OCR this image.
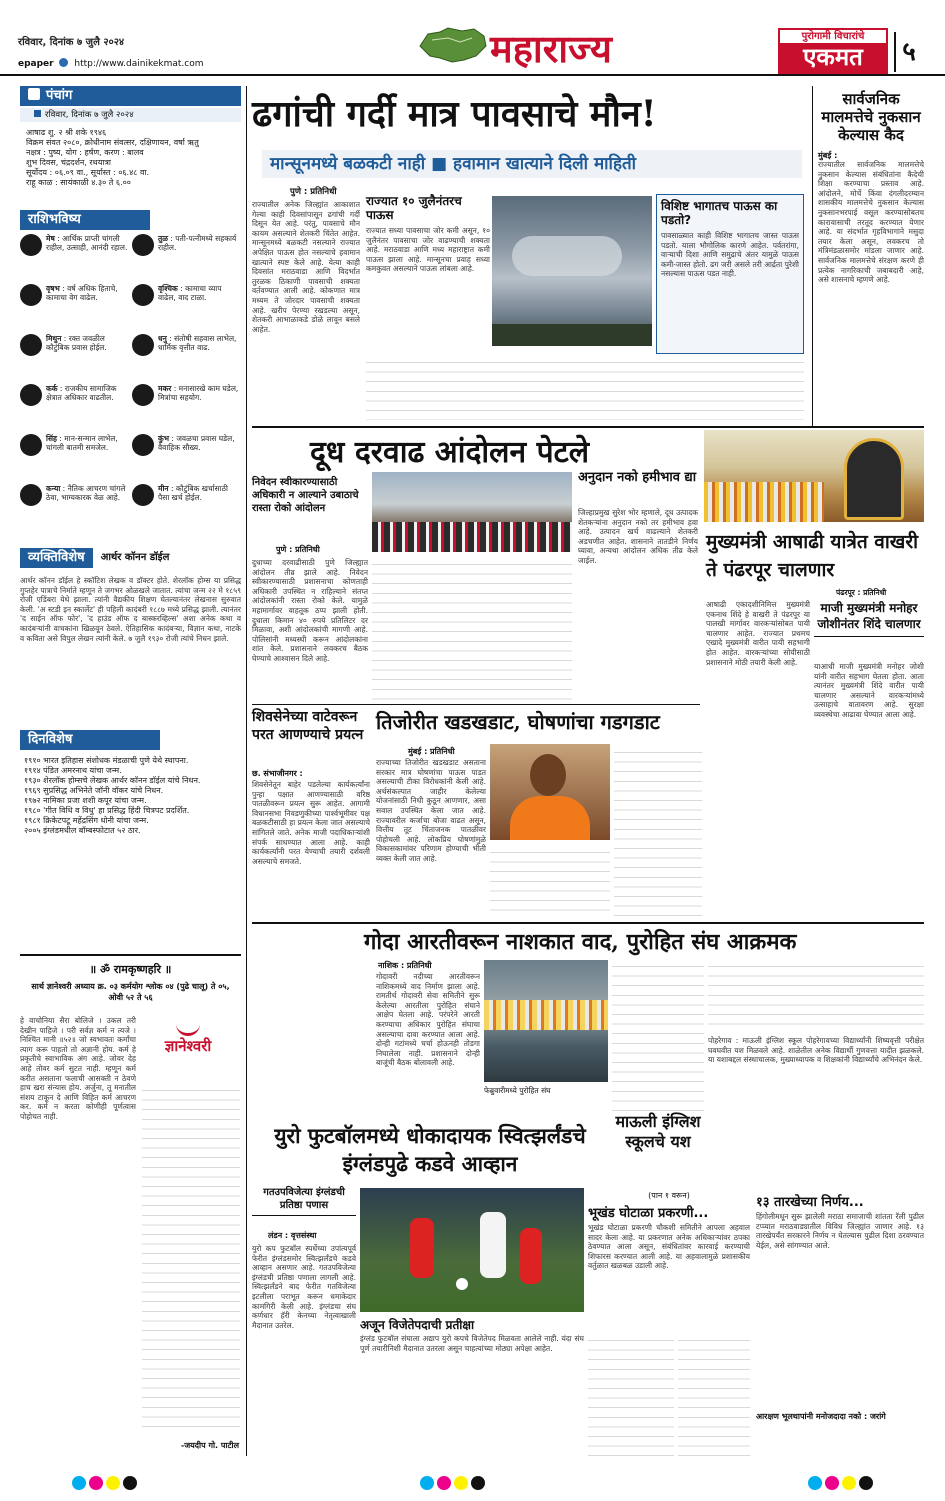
रविवार, दिनांक ७ जुलै २०२४
epaper http://www.dainikekmat.com	महाराज्य	पुरोगामी विचारांचे
एकमत	५
पंचांग
रविवार, दिनांक ७ जुलै २०२४
आषाढ शु. २ श्री शके १९४६
विक्रम संवत २०८०, क्रोधीनाम संवत्सर, दक्षिणायन, वर्षा ऋतु
नक्षत्र : पुष्य, योग : हर्षण, करण : बालव
शुभ दिवस, चंद्रदर्शन, रथयात्रा
सूर्योदय : ०६.०९ वा., सूर्यास्त : ०६.४८ वा.
राहू काळ : सायंकाळी ४.३० ते ६.००
राशिभविष्य
मेष : आर्थिक प्राप्ती चांगली राहील, उत्साही, आनंदी रहाल.
वृषभ : वर्ष अधिक हिताचे, कामाचा वेग वाढेल.
मिथुन : रक्त जवळील कौटुंबिक प्रवास होईल.
कर्क : राजकीय सामाजिक क्षेत्रात अधिकार वाढतील.
सिंह : मान-सन्मान लाभेल, चांगली बातमी समजेल.
कन्या : नैतिक आचरण चांगले ठेवा, भाग्यकारक वेळ आहे.
तुळ : पती-पत्नीमध्ये सहकार्य राहील.
वृश्चिक : कामाचा व्याप वाढेल, वाद टाळा.
धनु : संतोषी सहवास लाभेल, धार्मिक वृत्तीत वाढ.
मकर : मनासारखे काम घडेल, मित्रांचा सहयोग.
कुंभ : जवळचा प्रवास घडेल, वैवाहिक सौख्य.
मीन : कौटुंबिक खर्चासाठी पैसा खर्च होईल.
व्यक्तिविशेष	आर्थर कॉनन डॉईल
आर्थर कॉनन डॉईल हे स्कॉटिश लेखक व डॉक्टर होते. शेरलॉक होम्स या प्रसिद्ध गुप्तहेर पात्राचे निर्माते म्हणून ते जगभर ओळखले जातात. त्यांचा जन्म २२ मे १८५९ रोजी एडिंबरा येथे झाला. त्यांनी वैद्यकीय शिक्षण घेतल्यानंतर लेखनास सुरुवात केली. 'अ स्टडी इन स्कार्लेट' ही पहिली कादंबरी १८८७ मध्ये प्रसिद्ध झाली. त्यानंतर 'द साईन ऑफ फोर', 'द हाउंड ऑफ द बास्करव्हिल्स' अशा अनेक कथा व कादंबऱ्यांनी वाचकांना खिळवून ठेवले. ऐतिहासिक कादंबऱ्या, विज्ञान कथा, नाटके व कविता असे विपुल लेखन त्यांनी केले. ७ जुलै १९३० रोजी त्यांचे निधन झाले.
दिनविशेष
१९१० भारत इतिहास संशोधक मंडळाची पुणे येथे स्थापना.
१९१४ पंडित अमरनाथ यांचा जन्म.
१९३० शेरलॉक होम्सचे लेखक आर्थर कॉनन डॉईल यांचे निधन.
१९६९ सुप्रसिद्ध अभिनेते जॉनी वॉकर यांचे निधन.
१९७२ नामिका प्रजा शशी कपूर यांचा जन्म.
१९८० 'गीत विधि व विधु' हा प्रसिद्ध हिंदी चित्रपट प्रदर्शित.
१९८१ क्रिकेटपटू महेंद्रसिंग धोनी यांचा जन्म.
२००५ इंग्लंडमधील बॉम्बस्फोटात ५२ ठार.
॥ ॐ रामकृष्णहरि ॥
सार्थ ज्ञानेश्वरी अध्याय क्र. ०३ कर्मयोग श्लोक ०४ (पुढे चालू) ते ०५, ओवी ५२ ते ५६
ज्ञानेश्वरी
हे वाचोनिया सैरा बोलिजे । उकल तरी देखीन पाहिजे । परी सर्वज्ञ कर्म न त्यजे । निश्चित मानी ॥५२॥ जो स्वभावतः कर्मांचा त्याग करू पाहतो तो अज्ञानी होय. कर्म हे प्रकृतीचे स्वाभाविक अंग आहे. जोवर देह आहे तोवर कर्म सुटत नाही. म्हणून कर्म करीत असताना फलाची आसक्ती न ठेवणे हाच खरा संन्यास होय. अर्जुना, तू मनातील संशय टाकून दे आणि विहित कर्म आचरण कर. कर्म न करता कोणीही पूर्णत्वास पोहोचत नाही.
-जयदीप गो. पाटील
ढगांची गर्दी मात्र पावसाचे मौन!
मान्सूनमध्ये बळकटी नाही ■ हवामान खात्याने दिली माहिती
पुणे : प्रतिनिधी
राज्यातील अनेक जिल्ह्यांत आकाशात गेल्या काही दिवसांपासून ढगांची गर्दी दिसून येत आहे. परंतु, पावसाचे मौन कायम असल्याने शेतकरी चिंतेत आहेत. मान्सूनमध्ये बळकटी नसल्याने राज्यात अपेक्षित पाऊस होत नसल्याचे हवामान खात्याने स्पष्ट केले आहे. येत्या काही दिवसांत मराठवाडा आणि विदर्भात तुरळक ठिकाणी पावसाची शक्यता वर्तवण्यात आली आहे. कोकणात मात्र मध्यम ते जोरदार पावसाची शक्यता आहे. खरीप पेरण्या रखडल्या असून, शेतकरी आभाळाकडे डोळे लावून बसले आहेत.
राज्यात १० जुलैनंतरच पाऊस
राज्यात सध्या पावसाचा जोर कमी असून, १० जुलैनंतर पावसाचा जोर वाढण्याची शक्यता आहे. मराठवाडा आणि मध्य महाराष्ट्रात कमी पाऊस झाला आहे. मान्सूनचा प्रवाह सध्या कमकुवत असल्याने पाऊस लांबला आहे.
विशिष्ट भागातच पाऊस का पडतो?
पावसाळ्यात काही विशिष्ट भागातच जास्त पाऊस पडतो. याला भौगोलिक कारणे आहेत. पर्वतरांगा, वाऱ्याची दिशा आणि समुद्राचे अंतर यामुळे पाऊस कमी-जास्त होतो. ढग जरी असले तरी आर्द्रता पुरेशी नसल्यास पाऊस पडत नाही.
सार्वजनिक मालमत्तेचे नुकसान केल्यास कैद
मुंबई :
राज्यातील सार्वजनिक मालमत्तेचे नुकसान केल्यास संबंधितांना कैदेची शिक्षा करण्याचा प्रस्ताव आहे. आंदोलने, मोर्चे किंवा दंगलीदरम्यान शासकीय मालमत्तेचे नुकसान केल्यास नुकसानभरपाई वसूल करण्यासोबतच कारावासाची तरतूद करण्यात येणार आहे. या संदर्भात गृहविभागाने मसुदा तयार केला असून, लवकरच तो मंत्रिमंडळासमोर मांडला जाणार आहे. सार्वजनिक मालमत्तेचे संरक्षण करणे ही प्रत्येक नागरिकाची जबाबदारी आहे, असे शासनाचे म्हणणे आहे.
दूध दरवाढ आंदोलन पेटले
निवेदन स्वीकारण्यासाठी अधिकारी न आल्याने उबाठाचे रास्ता रोको आंदोलन
पुणे : प्रतिनिधी
दुधाच्या दरवाढीसाठी पुणे जिल्ह्यात आंदोलन तीव्र झाले आहे. निवेदन स्वीकारण्यासाठी प्रशासनाचा कोणताही अधिकारी उपस्थित न राहिल्याने संतप्त आंदोलकांनी रास्ता रोको केले. यामुळे महामार्गावर वाहतूक ठप्प झाली होती. दुधाला किमान ४० रुपये प्रतिलिटर दर मिळावा, अशी आंदोलकांची मागणी आहे. पोलिसांनी मध्यस्थी करून आंदोलकांना शांत केले. प्रशासनाने लवकरच बैठक घेण्याचे आश्वासन दिले आहे.
अनुदान नको हमीभाव द्या
जिल्हाप्रमुख सुरेश भोर म्हणाले, दूध उत्पादक शेतकऱ्यांना अनुदान नको तर हमीभाव हवा आहे. उत्पादन खर्च वाढल्याने शेतकरी अडचणीत आहेत. शासनाने तातडीने निर्णय घ्यावा, अन्यथा आंदोलन अधिक तीव्र केले जाईल.
मुख्यमंत्री आषाढी यात्रेत वाखरी ते पंढरपूर चालणार
पंढरपूर : प्रतिनिधी
आषाढी एकादशीनिमित्त मुख्यमंत्री एकनाथ शिंदे हे वाखरी ते पंढरपूर या पालखी मार्गावर वारकऱ्यांसोबत पायी चालणार आहेत. राज्यात प्रथमच एखादे मुख्यमंत्री वारीत पायी सहभागी होत आहेत. वारकऱ्यांच्या सोयीसाठी प्रशासनाने मोठी तयारी केली आहे.
माजी मुख्यमंत्री मनोहर जोशीनंतर शिंदे चालणार
याआधी माजी मुख्यमंत्री मनोहर जोशी यांनी वारीत सहभाग घेतला होता. आता त्यानंतर मुख्यमंत्री शिंदे वारीत पायी चालणार असल्याने वारकऱ्यांमध्ये उत्साहाचे वातावरण आहे. सुरक्षा व्यवस्थेचा आढावा घेण्यात आला आहे.
शिवसेनेच्या वाटेवरून परत आणण्याचे प्रयत्न
छ. संभाजीनगर :
शिवसेनेतून बाहेर पडलेल्या कार्यकर्त्यांना पुन्हा पक्षात आणण्यासाठी वरिष्ठ पातळीवरून प्रयत्न सुरू आहेत. आगामी विधानसभा निवडणुकीच्या पार्श्वभूमीवर पक्ष बळकटीसाठी हा प्रयत्न केला जात असल्याचे सांगितले जाते. अनेक माजी पदाधिकाऱ्यांशी संपर्क साधण्यात आला आहे. काही कार्यकर्त्यांनी परत येण्याची तयारी दर्शवली असल्याचे समजते.
तिजोरीत खडखडाट, घोषणांचा गडगडाट
मुंबई : प्रतिनिधी
राज्याच्या तिजोरीत खडखडाट असताना सरकार मात्र घोषणांचा पाऊस पाडत असल्याची टीका विरोधकांनी केली आहे. अर्थसंकल्पात जाहीर केलेल्या योजनांसाठी निधी कुठून आणणार, असा सवाल उपस्थित केला जात आहे. राज्यावरील कर्जाचा बोजा वाढत असून, वित्तीय तूट चिंताजनक पातळीवर पोहोचली आहे. लोकप्रिय घोषणांमुळे विकासकामांवर परिणाम होण्याची भीती व्यक्त केली जात आहे.
गोदा आरतीवरून नाशकात वाद, पुरोहित संघ आक्रमक
नाशिक : प्रतिनिधी
गोदावरी नदीच्या आरतीवरून नाशिकमध्ये वाद निर्माण झाला आहे. रामतीर्थ गोदावरी सेवा समितीने सुरू केलेल्या आरतीला पुरोहित संघाने आक्षेप घेतला आहे. परंपरेने आरती करण्याचा अधिकार पुरोहित संघाचा असल्याचा दावा करण्यात आला आहे. दोन्ही गटांमध्ये चर्चा होऊनही तोडगा निघालेला नाही. प्रशासनाने दोन्ही बाजूंची बैठक बोलावली आहे.
फेब्रुवारीमध्ये पुरोहित संघ
माऊली इंग्लिश स्कूलचे यश
पोहरेगाव : माऊली इंग्लिश स्कूल पोहरेगावच्या विद्यार्थ्यांनी शिष्यवृत्ती परीक्षेत घवघवीत यश मिळवले आहे. शाळेतील अनेक विद्यार्थी गुणवत्ता यादीत झळकले. या यशाबद्दल संस्थाचालक, मुख्याध्यापक व शिक्षकांनी विद्यार्थ्यांचे अभिनंदन केले.
युरो फुटबॉलमध्ये धोकादायक स्वित्झर्लंडचे इंग्लंडपुढे कडवे आव्हान
गतउपविजेत्या इंग्लंडची प्रतिष्ठा पणास
लंडन : वृत्तसंस्था
युरो कप फुटबॉल स्पर्धेच्या उपांत्यपूर्व फेरीत इंग्लंडसमोर स्वित्झर्लंडचे कडवे आव्हान असणार आहे. गतउपविजेत्या इंग्लंडची प्रतिष्ठा पणाला लागली आहे. स्वित्झर्लंडने बाद फेरीत गतविजेत्या इटलीला पराभूत करून धमाकेदार कामगिरी केली आहे. इंग्लंडचा संघ कर्णधार हॅरी केनच्या नेतृत्वाखाली मैदानात उतरेल.	अजून विजेतेपदाची प्रतीक्षा
इंग्लंड फुटबॉल संघाला अद्याप युरो कपचे विजेतेपद मिळवता आलेले नाही. यंदा संघ पूर्ण तयारीनिशी मैदानात उतरला असून चाहत्यांच्या मोठ्या अपेक्षा आहेत.
(पान १ वरून)
भूखंड घोटाळा प्रकरणी...
भूखंड घोटाळा प्रकरणी चौकशी समितीने आपला अहवाल सादर केला आहे. या प्रकरणात अनेक अधिकाऱ्यांवर ठपका ठेवण्यात आला असून, संबंधितांवर कारवाई करण्याची शिफारस करण्यात आली आहे. या अहवालामुळे प्रशासकीय वर्तुळात खळबळ उडाली आहे.
१३ तारखेच्या निर्णय...
हिंगोलीमधून सुरू झालेली मराठा समाजाची शांतता रॅली पुढील टप्प्यात मराठवाड्यातील विविध जिल्ह्यांत जाणार आहे. १३ तारखेपर्यंत सरकारने निर्णय न घेतल्यास पुढील दिशा ठरवण्यात येईल, असे सांगण्यात आले.
आरक्षण भूलथापांनी मनोजदादा नको : जरांगे
